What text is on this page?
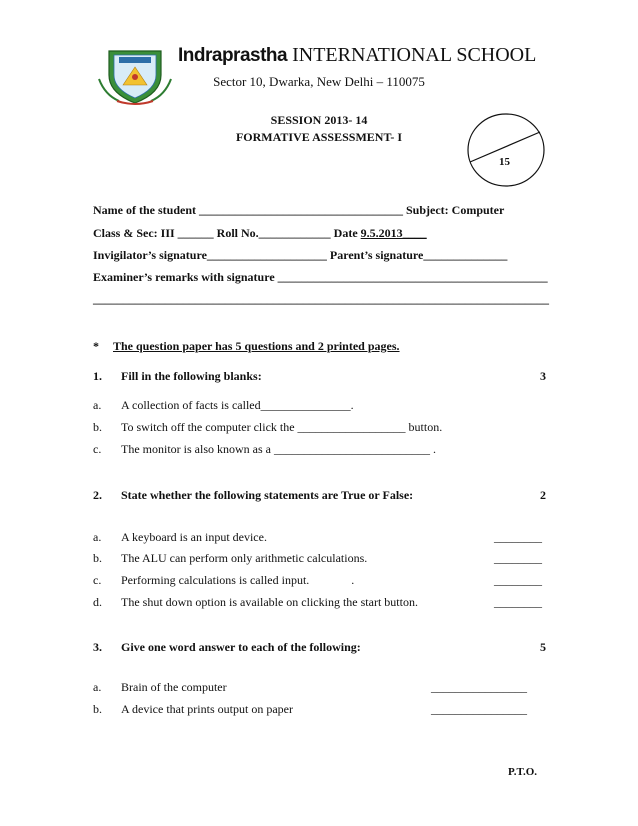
Indraprastha INTERNATIONAL SCHOOL
Sector 10, Dwarka, New Delhi – 110075
SESSION 2013- 14
FORMATIVE ASSESSMENT- I
15
Name of the student __________________________________ Subject: Computer
Class & Sec: III ______ Roll No.____________ Date 9.5.2013____
Invigilator’s signature____________________ Parent’s signature______________
Examiner’s remarks with signature _____________________________________________
____________________________________________________________________________
* The question paper has 5 questions and 2 printed pages.
1. Fill in the following blanks:	3
a. A collection of facts is called_______________.
b. To switch off the computer click the __________________ button.
c. The monitor is also known as a __________________________ .
2. State whether the following statements are True or False:	2
a. A keyboard is an input device.	________
b. The ALU can perform only arithmetic calculations.	________
c. Performing calculations is called input.              .	________
d. The shut down option is available on clicking the start button.	________
3. Give one word answer to each of the following:	5
a. Brain of the computer	________________
b. A device that prints output on paper	________________
P.T.O.
